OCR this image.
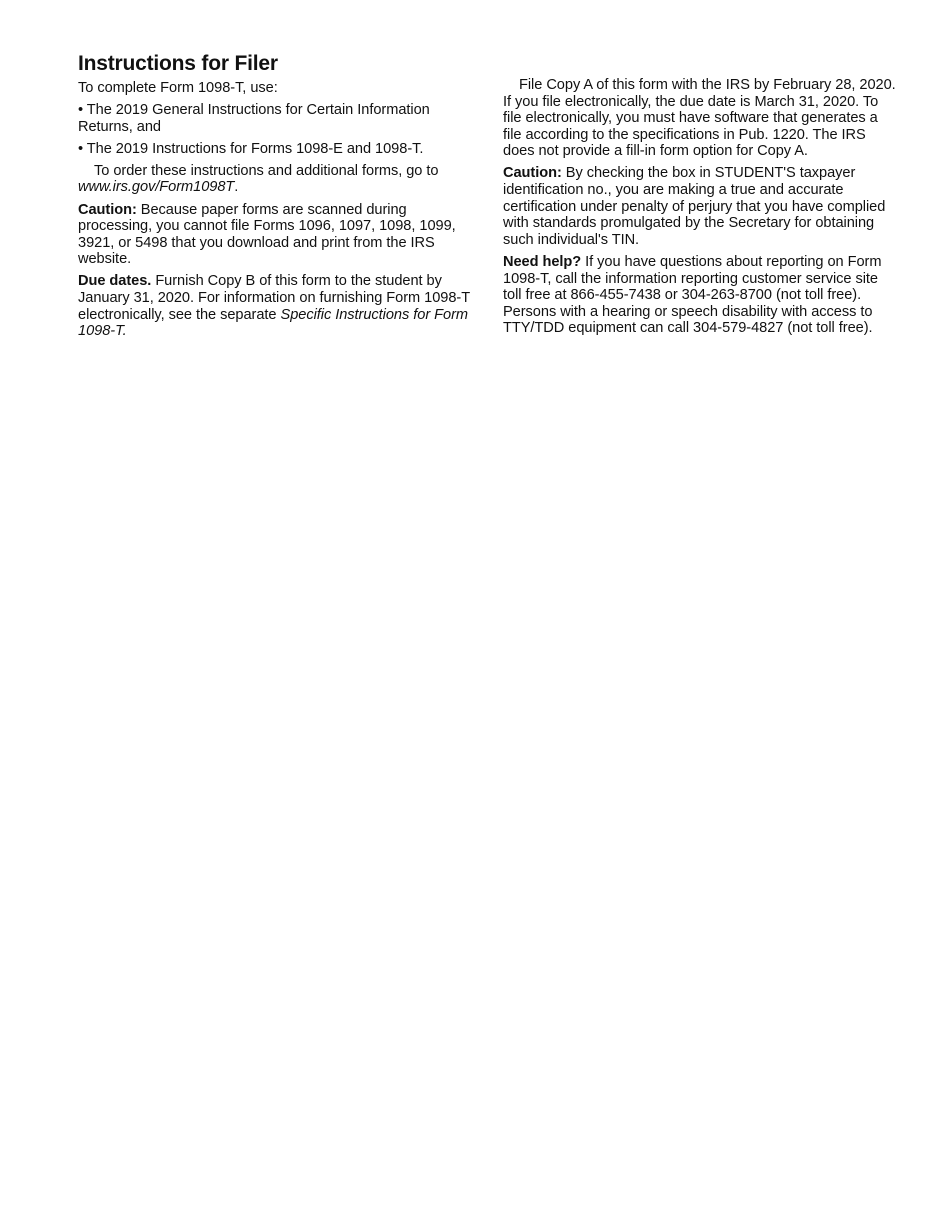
Instructions for Filer

To complete Form 1098-T, use:

• The 2019 General Instructions for Certain Information Returns, and

• The 2019 Instructions for Forms 1098-E and 1098-T.

To order these instructions and additional forms, go to www.irs.gov/Form1098T.

Caution: Because paper forms are scanned during processing, you cannot file Forms 1096, 1097, 1098, 1099, 3921, or 5498 that you download and print from the IRS website.

Due dates. Furnish Copy B of this form to the student by January 31, 2020. For information on furnishing Form 1098-T electronically, see the separate Specific Instructions for Form 1098-T.

File Copy A of this form with the IRS by February 28, 2020. If you file electronically, the due date is March 31, 2020. To file electronically, you must have software that generates a file according to the specifications in Pub. 1220. The IRS does not provide a fill-in form option for Copy A.

Caution: By checking the box in STUDENT'S taxpayer identification no., you are making a true and accurate certification under penalty of perjury that you have complied with standards promulgated by the Secretary for obtaining such individual's TIN.

Need help? If you have questions about reporting on Form 1098-T, call the information reporting customer service site toll free at 866-455-7438 or 304-263-8700 (not toll free). Persons with a hearing or speech disability with access to TTY/TDD equipment can call 304-579-4827 (not toll free).
